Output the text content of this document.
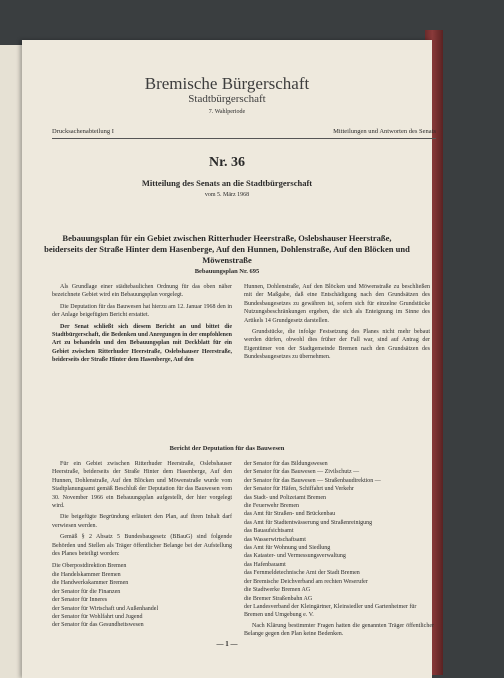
Bremische Bürgerschaft
Stadtbürgerschaft
7. Wahlperiode
Drucksachenabteilung I	Mitteilungen und Antworten des Senats
Nr. 36
Mitteilung des Senats an die Stadtbürgerschaft
vom 5. März 1968
Bebauungsplan für ein Gebiet zwischen Ritterhuder Heerstraße, Oslebshauser Heerstraße, beiderseits der Straße Hinter dem Hasenberge, Auf den Hunnen, Dohlenstraße, Auf den Blöcken und Möwenstraße
Bebauungsplan Nr. 695

Als Grundlage einer städtebaulichen Ordnung für das oben näher bezeichnete Gebiet wird ein Bebauungsplan vorgelegt.

Die Deputation für das Bauwesen hat hierzu am 12. Januar 1968 den in der Anlage beigefügten Bericht erstattet.

Der Senat schließt sich diesem Bericht an und bittet die Stadtbürgerschaft, die Bedenken und Anregungen in der empfohlenen Art zu behandeln und den Bebauungsplan mit Deckblatt für ein Gebiet zwischen Ritterhuder Heerstraße, Oslebshauser Heerstraße, beiderseits der Straße Hinter dem Hasenberge, Auf den

Hunnen, Dohlenstraße, Auf den Blöcken und Möwenstraße zu beschließen mit der Maßgabe, daß eine Entschädigung nach den Grundsätzen des Bundesbaugesetzes zu gewähren ist, sofern sich für einzelne Grundstücke Nutzungsbeschränkungen ergeben, die sich als Enteignung im Sinne des Artikels 14 Grundgesetz darstellen.

Grundstücke, die infolge Festsetzung des Planes nicht mehr bebaut werden dürfen, obwohl dies früher der Fall war, sind auf Antrag der Eigentümer von der Stadtgemeinde Bremen nach den Grundsätzen des Bundesbaugesetzes zu übernehmen.

Bericht der Deputation für das Bauwesen

Für ein Gebiet zwischen Ritterhuder Heerstraße, Oslebshauser Heerstraße, beiderseits der Straße Hinter dem Hasenberge, Auf den Hunnen, Dohlenstraße, Auf den Blöcken und Möwenstraße wurde vom Stadtplanungsamt gemäß Beschluß der Deputation für das Bauwesen vom 30. November 1966 ein Bebauungsplan aufgestellt, der hier vorgelegt wird.

Die beigefügte Begründung erläutert den Plan, auf ihren Inhalt darf verwiesen werden.

Gemäß § 2 Absatz 5 Bundesbaugesetz (BBauG) sind folgende Behörden und Stellen als Träger öffentlicher Belange bei der Aufstellung des Planes beteiligt worden:

Die Oberpostdirektion Bremen
die Handelskammer Bremen
die Handwerkskammer Bremen
der Senator für die Finanzen
der Senator für Inneres
der Senator für Wirtschaft und Außenhandel
der Senator für Wohlfahrt und Jugend
der Senator für das Gesundheitswesen
der Senator für das Bildungswesen
der Senator für das Bauwesen — Zivilschutz —
der Senator für das Bauwesen — Straßenbaudirektion —
der Senator für Häfen, Schiffahrt und Verkehr
das Stadt- und Polizeiamt Bremen
die Feuerwehr Bremen
das Amt für Straßen- und Brückenbau
das Amt für Stadtentwässerung und Straßenreinigung
das Bauaufsichtsamt
das Wasserwirtschaftsamt
das Amt für Wohnung und Siedlung
das Kataster- und Vermessungsverwaltung
das Hafenbauamt
das Fernmeldetechnische Amt der Stadt Bremen
der Bremische Deichverband am rechten Weserufer
die Stadtwerke Bremen AG
die Bremer Straßenbahn AG
der Landesverband der Kleingärtner, Kleinsiedler und Gartenheimer für Bremen und Umgebung e. V.

Nach Klärung bestimmter Fragen hatten die genannten Träger öffentlicher Belange gegen den Plan keine Bedenken.

— 1 —
